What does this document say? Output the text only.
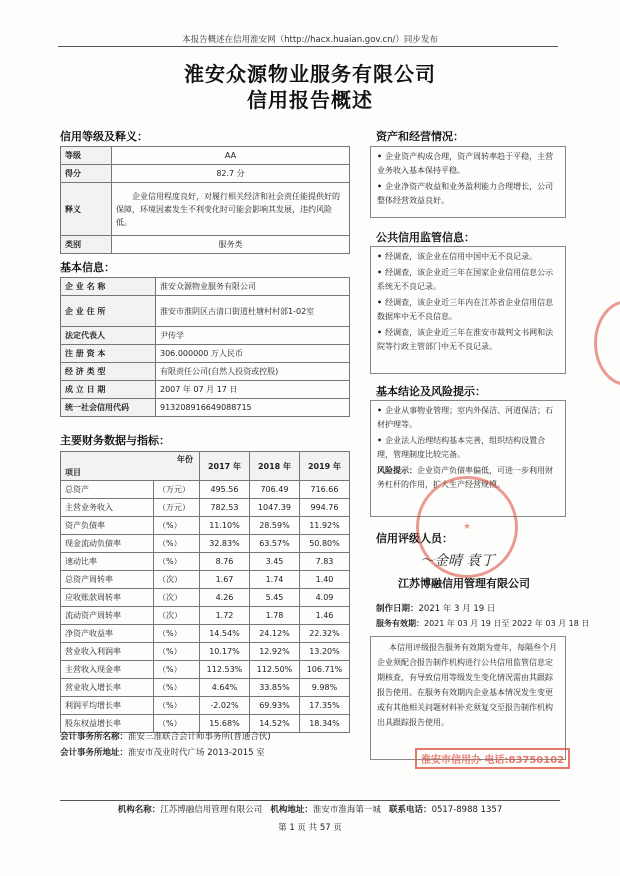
本报告概述在信用淮安网（http://hacx.huaian.gov.cn/）同步发布
淮安众源物业服务有限公司
信用报告概述
信用等级及释义：
等级	AA
得分	82.7 分
释义	企业信用程度良好，对履行相关经济和社会责任能提供好的保障，环境因素发生不利变化时可能会影响其发展，违约风险低。
类别	服务类
基本信息：
企 业 名 称	淮安众源物业服务有限公司
企 业 住 所	淮安市淮阴区古清口街道杜塘村村部1-02室
法定代表人	尹传学
注 册 资 本	306.000000 万人民币
经 济 类 型	有限责任公司(自然人投资或控股)
成 立 日 期	2007 年 07 月 17 日
统一社会信用代码	913208916649088715
主要财务数据与指标：
年份
项目		2017 年	2018 年	2019 年
总资产	（万元）	495.56	706.49	716.66
主营业务收入	（万元）	782.53	1047.39	994.76
资产负债率	（%）	11.10%	28.59%	11.92%
现金流动负债率	（%）	32.83%	63.57%	50.80%
速动比率	（%）	8.76	3.45	7.83
总资产周转率	（次）	1.67	1.74	1.40
应收账款周转率	（次）	4.26	5.45	4.09
流动资产周转率	（次）	1.72	1.78	1.46
净资产收益率	（%）	14.54%	24.12%	22.32%
营业收入利润率	（%）	10.17%	12.92%	13.20%
主营收入现金率	（%）	112.53%	112.50%	106.71%
营业收入增长率	（%）	4.64%	33.85%	9.98%
利润平均增长率	（%）	-2.02%	69.93%	17.35%
股东权益增长率	（%）	15.68%	14.52%	18.34%
会计事务所名称：淮安三淮联合会计师事务所(普通合伙)
会计事务所地址：淮安市茂业时代广场 2013-2015 室
资产和经营情况：

• 企业资产构成合理，资产周转率趋于平稳，主营业务收入基本保持平稳。

• 企业净资产收益和业务盈利能力合理增长，公司整体经营效益良好。

公共信用监管信息：

• 经调查，该企业在信用中国中无不良记录。

• 经调查，该企业近三年在国家企业信用信息公示系统无不良记录。

• 经调查，该企业近三年内在江苏省企业信用信息数据库中无不良信息。

• 经调查，该企业近三年在淮安市裁判文书网和法院等行政主管部门中无不良记录。

基本结论及风险提示：

• 企业从事物业管理；室内外保洁、河道保洁；石材护理等。

• 企业法人治理结构基本完善，组织结构设置合理，管理制度比较完备。

风险提示：企业资产负债率偏低，可进一步利用财务杠杆的作用，扩大生产经营规模。

信用评级人员：
～金晴 袁丁
★
江苏博融信用管理有限公司
制作日期：2021 年 3 月 19 日
服务有效期：2021 年 03 月 19 日至 2022 年 03 月 18 日
本信用评级报告服务有效期为壹年，每隔叁个月企业须配合报告制作机构进行公共信用监管信息定期核查，有导致信用等级发生变化情况需由其跟踪报告使用。在服务有效期内企业基本情况发生变更或有其他相关问题材料补充须复交至报告制作机构出具跟踪报告使用。
淮安市信用办 电话:83750102
机构名称：江苏博融信用管理有限公司 机构地址：淮安市淮海第一城 联系电话：0517-8988 1357
第 1 页 共 57 页
